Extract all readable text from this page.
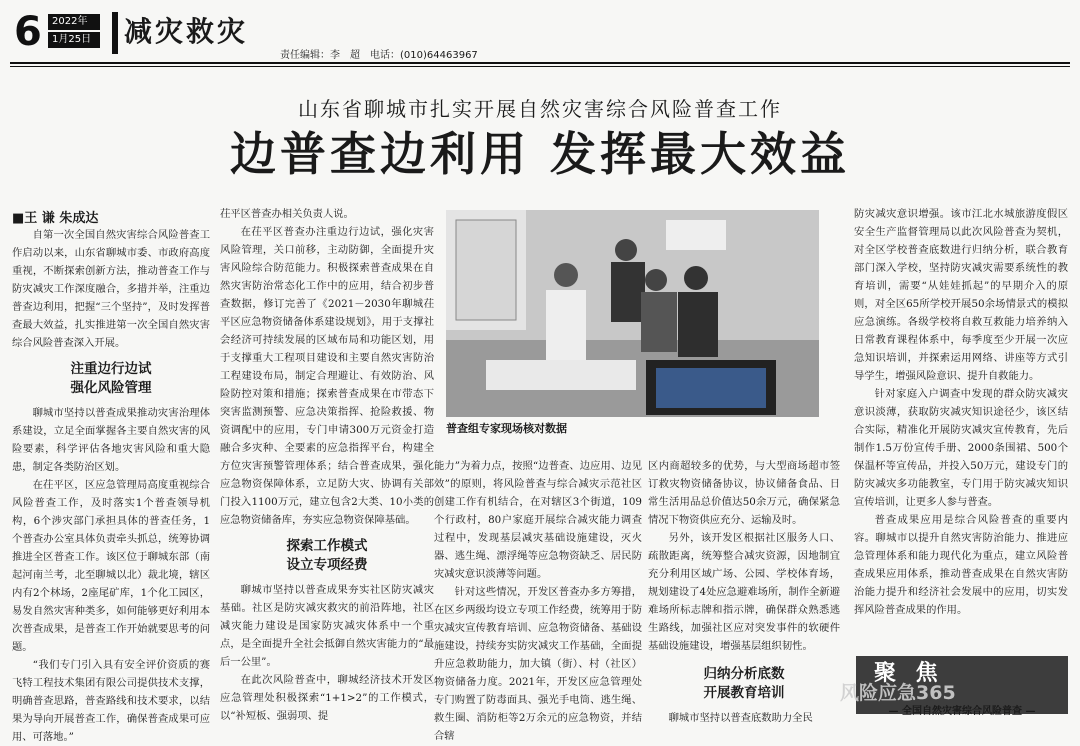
6	2022年
1月25日	减灾救灾
责任编辑：李　超　电话：(010)64463967
山东省聊城市扎实开展自然灾害综合风险普查工作
边普查边利用 发挥最大效益
■王 谦 朱成达
自第一次全国自然灾害综合风险普查工作启动以来，山东省聊城市委、市政府高度重视，不断探索创新方法，推动普查工作与防灾减灾工作深度融合，多措并举，注重边普查边利用，把握“三个坚持”，及时发挥普查最大效益，扎实推进第一次全国自然灾害综合风险普查深入开展。
注重边行边试
强化风险管理
聊城市坚持以普查成果推动灾害治理体系建设，立足全面掌握各主要自然灾害的风险要素，科学评估各地灾害风险和重大隐患，制定各类防治区划。
在茌平区，区应急管理局高度重视综合风险普查工作，及时落实1个普查领导机构，6个涉灾部门承担具体的普查任务，1个普查办公室具体负责牵头抓总，统筹协调推进全区普查工作。该区位于聊城东部（南起河南兰考，北至聊城以北）裁北境，辖区内有2个林场，2座尾矿库，1个化工园区，易发自然灾害种类多，如何能够更好利用本次普查成果，是普查工作开始就要思考的问题。
“我们专门引入具有安全评价资质的赛飞特工程技术集团有限公司提供技术支撑，明确普查思路，普查路线和技术要求，以结果为导向开展普查工作，确保普查成果可应用、可落地。”
茌平区普查办相关负责人说。
在茌平区普查办注重边行边试，强化灾害风险管理，关口前移，主动防御，全面提升灾害风险综合防范能力。积极探索普查成果在自然灾害防治常态化工作中的应用，结合初步普查数据，修订完善了《2021－2030年聊城茌平区应急物资储备体系建设规划》，用于支撑社会经济可持续发展的区域布局和功能区划，用于支撑重大工程项目建设和主要自然灾害防治工程建设布局，制定合理避让、有效防治、风险防控对策和措施；探索普查成果在市带态下突害监测预警、应急决策指挥、抢险救援、物资调配中的应用，专门申请300万元资金打造融合多灾种、全要素的应急指挥平台，构建全方位灾害预警管理体系；结合普查成果，强化应急物资保障体系，立足防大灾、协调有关部门投入1100万元，建立包含2大类、10小类的应急物资储备库，夯实应急物资保障基础。
探索工作模式
设立专项经费
聊城市坚持以普查成果夯实社区防灾减灾基础。社区是防灾减灾救灾的前沿阵地，社区减灾能力建设是国家防灾减灾体系中一个重点，是全面提升全社会抵御自然灾害能力的“最后一公里”。
在此次风险普查中，聊城经济技术开发区应急管理处积极探索“1+1>2”的工作模式，以“补短板、强弱项、提
普查组专家现场核对数据
能力”为着力点，按照“边普查、边应用、边见效”的原则，将风险普查与综合减灾示范社区创建工作有机结合，在对辖区3个街道，109个行政村，80户家庭开展综合减灾能力调查过程中，发现基层减灾基础设施建设，灭火器、逃生绳、漂浮绳等应急物资缺乏、居民防灾减灾意识淡薄等问题。
针对这些情况，开发区普查办多方筹措，在区乡两级均设立专项工作经费，统筹用于防灾减灾宣传教育培训、应急物资储备、基础设施建设，持续夯实防灾减灾工作基础，全面提升应急救助能力，加大镇（街）、村（社区）物资储备力度。2021年，开发区应急管理处专门购置了防毒面具、强光手电筒、逃生绳、救生圈、消防柜等2万余元的应急物资，并结合辖
区内商超较多的优势，与大型商场超市签订救灾物资储备协议，协议储备食品、日常生活用品总价值达50余万元，确保紧急情况下物资供应充分、运输及时。
另外，该开发区根据社区服务人口、疏散距离，统筹整合减灾资源，因地制宜充分利用区域广场、公园、学校体育场，规划建设了4处应急避难场所，制作全新避难场所标志牌和指示牌，确保群众熟悉逃生路线，加强社区应对突发事件的软硬件基础设施建设，增强基层组织韧性。
归纳分析底数
开展教育培训
聊城市坚持以普查底数助力全民
防灾减灾意识增强。该市江北水城旅游度假区安全生产监督管理局以此次风险普查为契机，对全区学校普查底数进行归纳分析，联合教育部门深入学校，坚持防灾减灾需要系统性的教育培训，需要“从娃娃抓起”的早期介入的原则，对全区65所学校开展50余场情景式的模拟应急演练。各级学校将自救互救能力培养纳入日常教育课程体系中，每季度至少开展一次应急知识培训，并探索运用网络、讲座等方式引导学生，增强风险意识、提升自救能力。
针对家庭入户调查中发现的群众防灾减灾意识淡薄，获取防灾减灾知识途径少，该区结合实际，精准化开展防灾减灾宣传教育，先后制作1.5万份宣传手册、2000条围裙、500个保温杯等宣传品，并投入50万元，建设专门的防灾减灾多功能教室，专门用于防灾减灾知识宣传培训，让更多人参与普查。
普查成果应用是综合风险普查的重要内容。聊城市以提升自然灾害防治能力、推进应急管理体系和能力现代化为重点，建立风险普查成果应用体系，推动普查成果在自然灾害防治能力提升和经济社会发展中的应用，切实发挥风险普查成果的作用。
聚 焦
— 全国自然灾害综合风险普查 —
风险应急365
